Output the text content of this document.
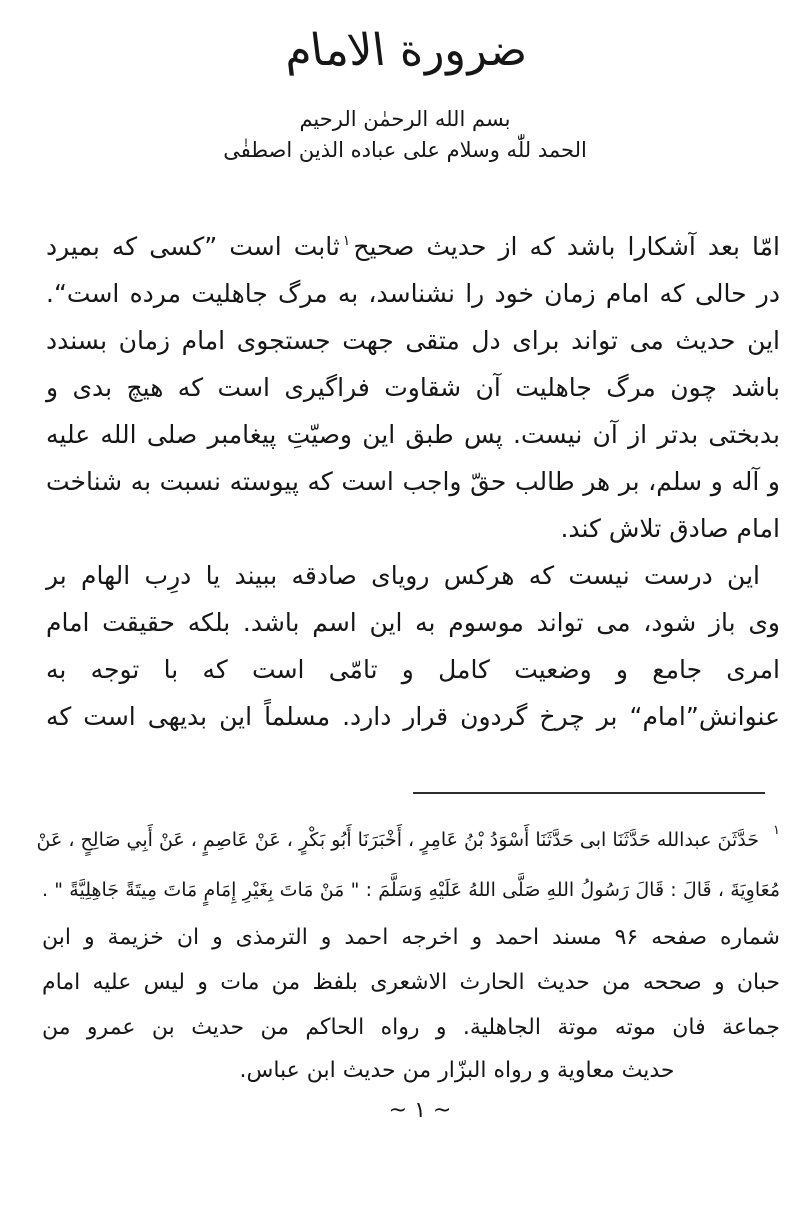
ضرورة الامام
بسم الله الرحمٰن الرحیم
الحمد للّٰه وسلام علی عباده الذین اصطفٰی
امّا بعد آشکارا باشد که از حدیث صحیح$^۱$ثابت است ”کسی که بمیرد
در حالی که امام زمان خود را نشناسد، به مرگ جاهلیت مرده است“.
این حدیث می تواند برای دل متقی جهت جستجوی امام زمان بسندد
باشد چون مرگ جاهلیت آن شقاوت فراگیری است که هیچ بدی و
بدبختی بدتر از آن نیست. پس طبق این وصیّتِ پیغامبر صلی الله علیه
و آله و سلم، بر هر طالب حقّ واجب است که پیوسته نسبت به شناخت
امام صادق تلاش کند.
این درست نیست که هرکس رویای صادقه ببیند یا درِب الهام بر
وی باز شود، می تواند موسوم به این اسم باشد. بلکه حقیقت امام
امری جامع و وضعیت کامل و تامّی است که با توجه به
عنوانش”امام“ بر چرخ گردون قرار دارد. مسلماً این بدیهی است که
$^۱$حَدَّثَنَ عبدالله حَدَّثَنَا ابی حَدَّثَنَا أَسْوَدُ بْنُ عَامِرٍ ، أَخْبَرَنَا أَبُو بَكْرٍ ، عَنْ عَاصِمٍ ، عَنْ أَبِي صَالِحٍ ، عَنْ
مُعَاوِيَةَ ، قَالَ : قَالَ رَسُولُ اللهِ صَلَّى اللهُ عَلَيْهِ وَسَلَّمَ : " مَنْ مَاتَ بِغَيْرِ إِمَامٍ مَاتَ مِيتَةً جَاهِلِيَّةً " .
شماره صفحه ۹۶ مسند احمد و اخرجه احمد و الترمذی و ان خزیمة و ابن
حبان و صححه من حدیث الحارث الاشعری بلفظ من مات و لیس علیه امام
جماعة فان موته موتة الجاهلیة. و رواه الحاکم من حدیث بن عمرو من
حدیث معاویة و رواه البزّار من حدیث ابن عباس.
~ ۱ ~
